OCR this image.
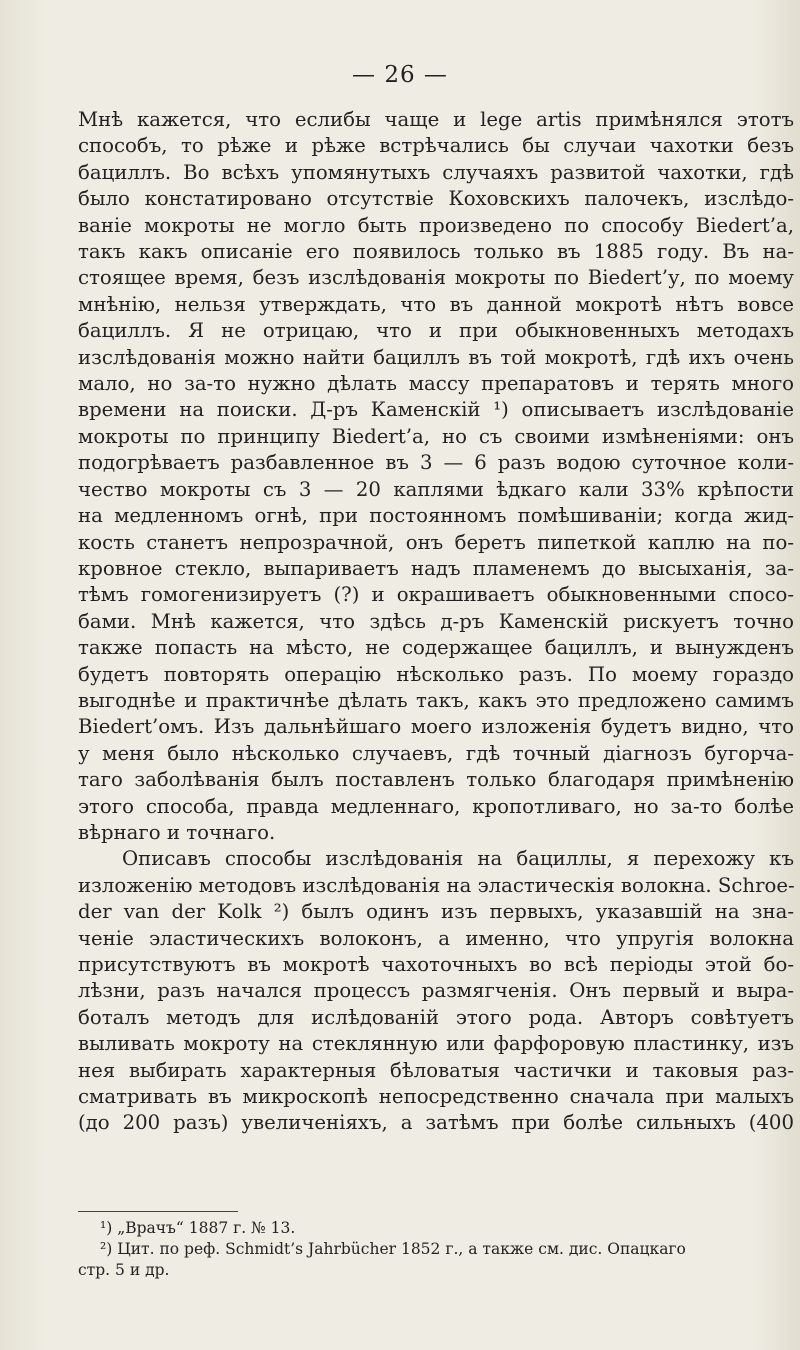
— 26 —
Мнѣ кажется, что еслибы чаще и lege artis примѣнялся этотъ
способъ, то рѣже и рѣже встрѣчались бы случаи чахотки безъ
бациллъ. Во всѣхъ упомянутыхъ случаяхъ развитой чахотки, гдѣ
было констатировано отсутствіе Коховскихъ палочекъ, изслѣдо-
ваніе мокроты не могло быть произведено по способу Biedert’а,
такъ какъ описаніе его появилось только въ 1885 году. Въ на-
стоящее время, безъ изслѣдованія мокроты по Biedert’у, по моему
мнѣнію, нельзя утверждать, что въ данной мокротѣ нѣтъ вовсе
бациллъ. Я не отрицаю, что и при обыкновенныхъ методахъ
изслѣдованія можно найти бациллъ въ той мокротѣ, гдѣ ихъ очень
мало, но за-то нужно дѣлать массу препаратовъ и терять много
времени на поиски. Д-ръ Каменскій ¹) описываетъ изслѣдованіе
мокроты по принципу Biedert’а, но съ своими измѣненіями: онъ
подогрѣваетъ разбавленное въ 3 — 6 разъ водою суточное коли-
чество мокроты съ 3 — 20 каплями ѣдкаго кали 33% крѣпости
на медленномъ огнѣ, при постоянномъ помѣшиваніи; когда жид-
кость станетъ непрозрачной, онъ беретъ пипеткой каплю на по-
кровное стекло, выпариваетъ надъ пламенемъ до высыханія, за-
тѣмъ гомогенизируетъ (?) и окрашиваетъ обыкновенными спосо-
бами. Мнѣ кажется, что здѣсь д-ръ Каменскій рискуетъ точно
также попасть на мѣсто, не содержащее бациллъ, и вынужденъ
будетъ повторять операцію нѣсколько разъ. По моему гораздо
выгоднѣе и практичнѣе дѣлать такъ, какъ это предложено самимъ
Biedert’омъ. Изъ дальнѣйшаго моего изложенія будетъ видно, что
у меня было нѣсколько случаевъ, гдѣ точный діагнозъ бугорча-
таго заболѣванія былъ поставленъ только благодаря примѣненію
этого способа, правда медленнаго, кропотливаго, но за-то болѣе
вѣрнаго и точнаго.
Описавъ способы изслѣдованія на бациллы, я перехожу къ
изложенію методовъ изслѣдованія на эластическія волокна. Schroe-
der van der Kolk ²) былъ одинъ изъ первыхъ, указавшій на зна-
ченіе эластическихъ волоконъ, а именно, что упругія волокна
присутствуютъ въ мокротѣ чахоточныхъ во всѣ періоды этой бо-
лѣзни, разъ начался процессъ размягченія. Онъ первый и выра-
боталъ методъ для ислѣдованій этого рода. Авторъ совѣтуетъ
выливать мокроту на стеклянную или фарфоровую пластинку, изъ
нея выбирать характерныя бѣловатыя частички и таковыя раз-
сматривать въ микроскопѣ непосредственно сначала при малыхъ
(до 200 разъ) увеличеніяхъ, а затѣмъ при болѣе сильныхъ (400
¹) „Врачъ“ 1887 г. № 13.
²) Цит. по реф. Schmidt’s Jahrbücher 1852 г., а также см. дис. Опацкаго
стр. 5 и др.
